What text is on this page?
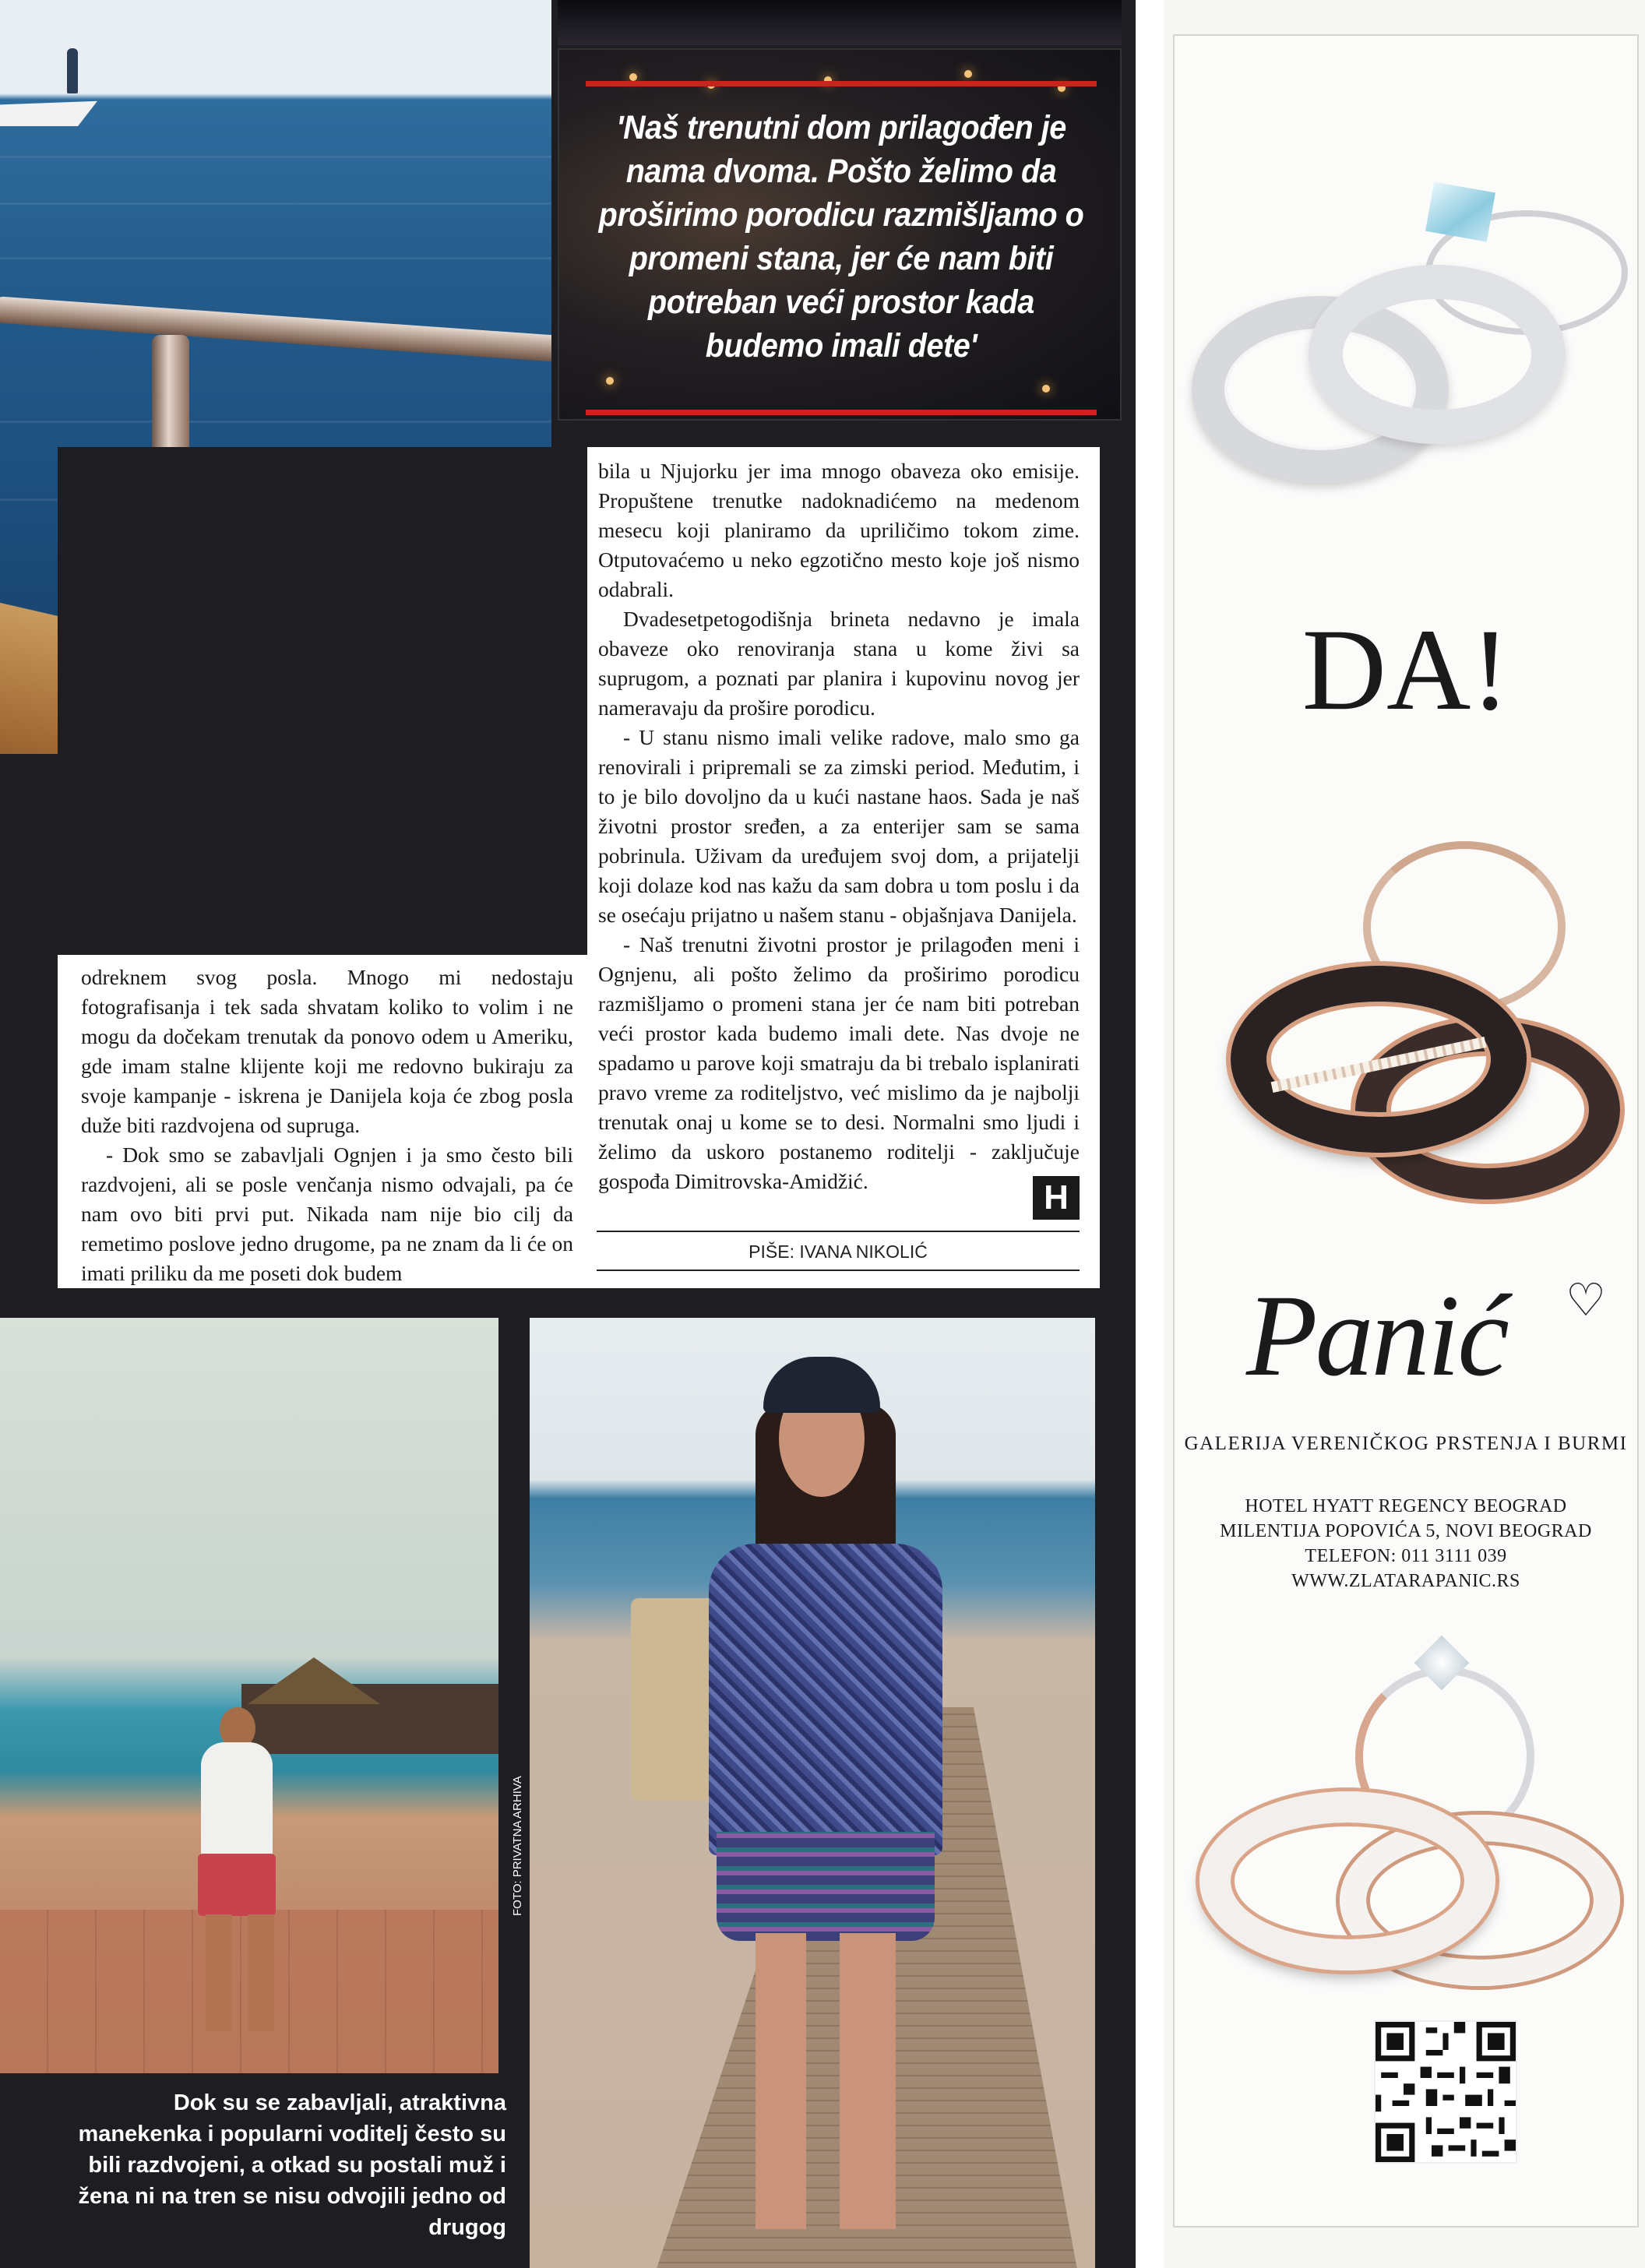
'Naš trenutni dom prilagođen je nama dvoma. Pošto želimo da proširimo porodicu razmišljamo o promeni stana, jer će nam biti potreban veći prostor kada budemo imali dete'

odreknem svog posla. Mnogo mi nedostaju fotografisanja i tek sada shvatam koliko to volim i ne mogu da dočekam trenutak da ponovo odem u Ameriku, gde imam stalne klijente koji me redovno bukiraju za svoje kampanje - iskrena je Danijela koja će zbog posla duže biti razdvojena od supruga.

- Dok smo se zabavljali Ognjen i ja smo često bili razdvojeni, ali se posle venčanja nismo odvajali, pa će nam ovo biti prvi put. Nikada nam nije bio cilj da remetimo poslove jedno drugome, pa ne znam da li će on imati priliku da me poseti dok budem

bila u Njujorku jer ima mnogo obaveza oko emisije. Propuštene trenutke nadoknadićemo na medenom mesecu koji planiramo da upriličimo tokom zime. Otputovaćemo u neko egzotično mesto koje još nismo odabrali.

Dvadesetpetogodišnja brineta nedavno je imala obaveze oko renoviranja stana u kome živi sa suprugom, a poznati par planira i kupovinu novog jer nameravaju da prošire porodicu.

- U stanu nismo imali velike radove, malo smo ga renovirali i pripremali se za zimski period. Međutim, i to je bilo dovoljno da u kući nastane haos. Sada je naš životni prostor sređen, a za enterijer sam se sama pobrinula. Uživam da uređujem svoj dom, a prijatelji koji dolaze kod nas kažu da sam dobra u tom poslu i da se osećaju prijatno u našem stanu - objašnjava Danijela.

- Naš trenutni životni prostor je prilagođen meni i Ognjenu, ali pošto želimo da proširimo porodicu razmišljamo o promeni stana jer će nam biti potreban veći prostor kada budemo imali dete. Nas dvoje ne spadamo u parove koji smatraju da bi trebalo isplanirati pravo vreme za roditeljstvo, već mislimo da je najbolji trenutak onaj u kome se to desi. Normalni smo ljudi i želimo da uskoro postanemo roditelji - zaključuje gospođa Dimitrovska-Amidžić.	H
PIŠE: IVANA NIKOLIĆ
FOTO: PRIVATNA ARHIVA
Dok su se zabavljali, atraktivna manekenka i popularni voditelj često su bili razdvojeni, a otkad su postali muž i žena ni na tren se nisu odvojili jedno od drugog
DA!
Panić	♡
GALERIJA VERENIČKOG PRSTENJA I BURMI
HOTEL HYATT REGENCY BEOGRAD
MILENTIJA POPOVIĆA 5, NOVI BEOGRAD
TELEFON: 011 3111 039
WWW.ZLATARAPANIC.RS
